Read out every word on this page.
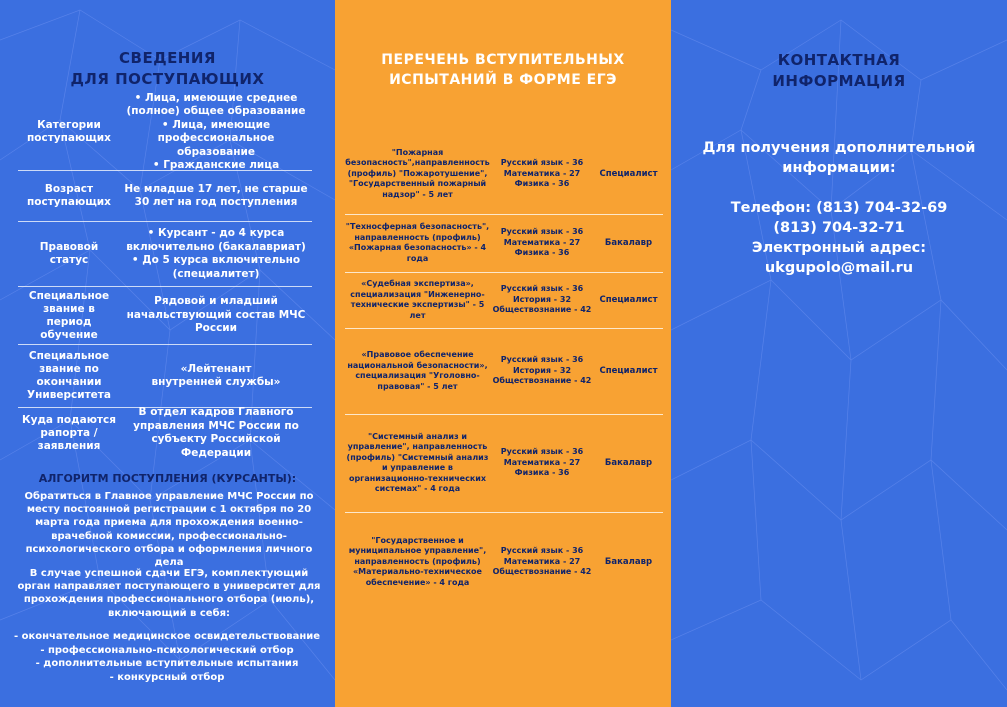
СВЕДЕНИЯ
ДЛЯ ПОСТУПАЮЩИХ
Категории поступающих
• Лица, имеющие среднее
(полное) общее образование
• Лица, имеющие
профессиональное образование
• Гражданские лица
Возраст поступающих
Не младше 17 лет, не старше
30 лет на год поступления
Правовой статус
• Курсант - до 4 курса
включительно (бакалавриат)
• До 5 курса включительно
(специалитет)
Специальное звание в период обучение
Рядовой и младший
начальствующий состав МЧС
России
Специальное звание по окончании Университета
«Лейтенант
внутренней службы»
Куда подаются рапорта / заявления
В отдел кадров Главного
управления МЧС России по
субъекту Российской Федерации
АЛГОРИТМ ПОСТУПЛЕНИЯ (КУРСАНТЫ):
Обратиться в Главное управление МЧС России по месту постоянной регистрации с 1 октября по 20 марта года приема для прохождения военно-врачебной комиссии, профессионально-психологического отбора и оформления личного дела
В случае успешной сдачи ЕГЭ, комплектующий орган направляет поступающего в университет для прохождения профессионального отбора (июль), включающий в себя:
- окончательное медицинское освидетельствование
- профессионально-психологический отбор
- дополнительные вступительные испытания
- конкурсный отбор
ПЕРЕЧЕНЬ ВСТУПИТЕЛЬНЫХ
ИСПЫТАНИЙ В ФОРМЕ ЕГЭ
"Пожарная безопасность",направленность (профиль) "Пожаротушение", "Государственный пожарный надзор" - 5 лет
Русский язык - 36
Математика - 27
Физика - 36
Специалист
"Техносферная безопасность", направленность (профиль) «Пожарная безопасность» - 4 года
Русский язык - 36
Математика - 27
Физика - 36
Бакалавр
«Судебная экспертиза», специализация "Инженерно-технические экспертизы" - 5 лет
Русский язык - 36
История - 32
Обществознание - 42
Специалист
«Правовое обеспечение национальной безопасности», специализация "Уголовно-правовая" - 5 лет
Русский язык - 36
История - 32
Обществознание - 42
Специалист
"Системный анализ и управление", направленность (профиль) "Системный анализ и управление в организационно-технических системах" - 4 года
Русский язык - 36
Математика - 27
Физика - 36
Бакалавр
"Государственное и муниципальное управление", направленность (профиль) «Материально-техническое обеспечение» - 4 года
Русский язык - 36
Математика - 27
Обществознание - 42
Бакалавр
КОНТАКТНАЯ
ИНФОРМАЦИЯ
Для получения дополнительной
информации:
Телефон: (813) 704-32-69
(813) 704-32-71
Электронный адрес:
ukgupolo@mail.ru
